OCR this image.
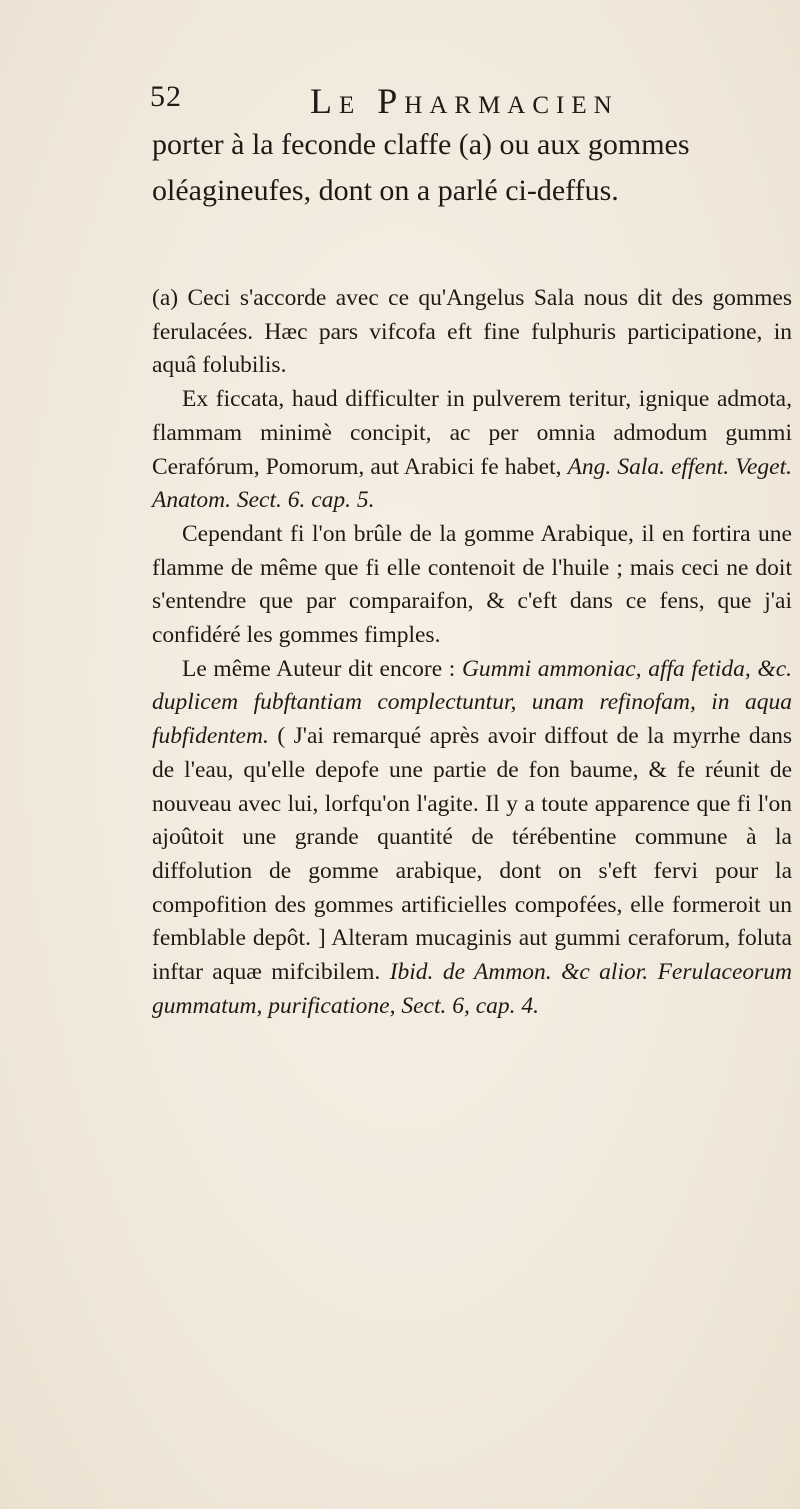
52	Le Pharmacien

porter à la feconde claffe (a) ou aux gommes oléagineufes, dont on a parlé ci-deffus.

(a) Ceci s'accorde avec ce qu'Angelus Sala nous dit des gommes ferulacées. Hæc pars vifcofa eft fine fulphuris participatione, in aquâ folubilis.

Ex ficcata, haud difficulter in pulverem teritur, ignique admota, flammam minimè concipit, ac per omnia admodum gummi Cerafórum, Pomorum, aut Arabici fe habet, Ang. Sala. effent. Veget. Anatom. Sect. 6. cap. 5.

Cependant fi l'on brûle de la gomme Arabique, il en fortira une flamme de même que fi elle contenoit de l'huile ; mais ceci ne doit s'entendre que par comparaifon, & c'eft dans ce fens, que j'ai confidéré les gommes fimples.

Le même Auteur dit encore : Gummi ammoniac, affa fetida, &c. duplicem fubftantiam complectuntur, unam refinofam, in aqua fubfidentem. ( J'ai remarqué après avoir diffout de la myrrhe dans de l'eau, qu'elle depofe une partie de fon baume, & fe réunit de nouveau avec lui, lorfqu'on l'agite. Il y a toute apparence que fi l'on ajoûtoit une grande quantité de térébentine commune à la diffolution de gomme arabique, dont on s'eft fervi pour la compofition des gommes artificielles compofées, elle formeroit un femblable depôt. ] Alteram mucaginis aut gummi ceraforum, foluta inftar aquæ mifcibilem. Ibid. de Ammon. &c alior. Ferulaceorum gummatum, purificatione, Sect. 6, cap. 4.
